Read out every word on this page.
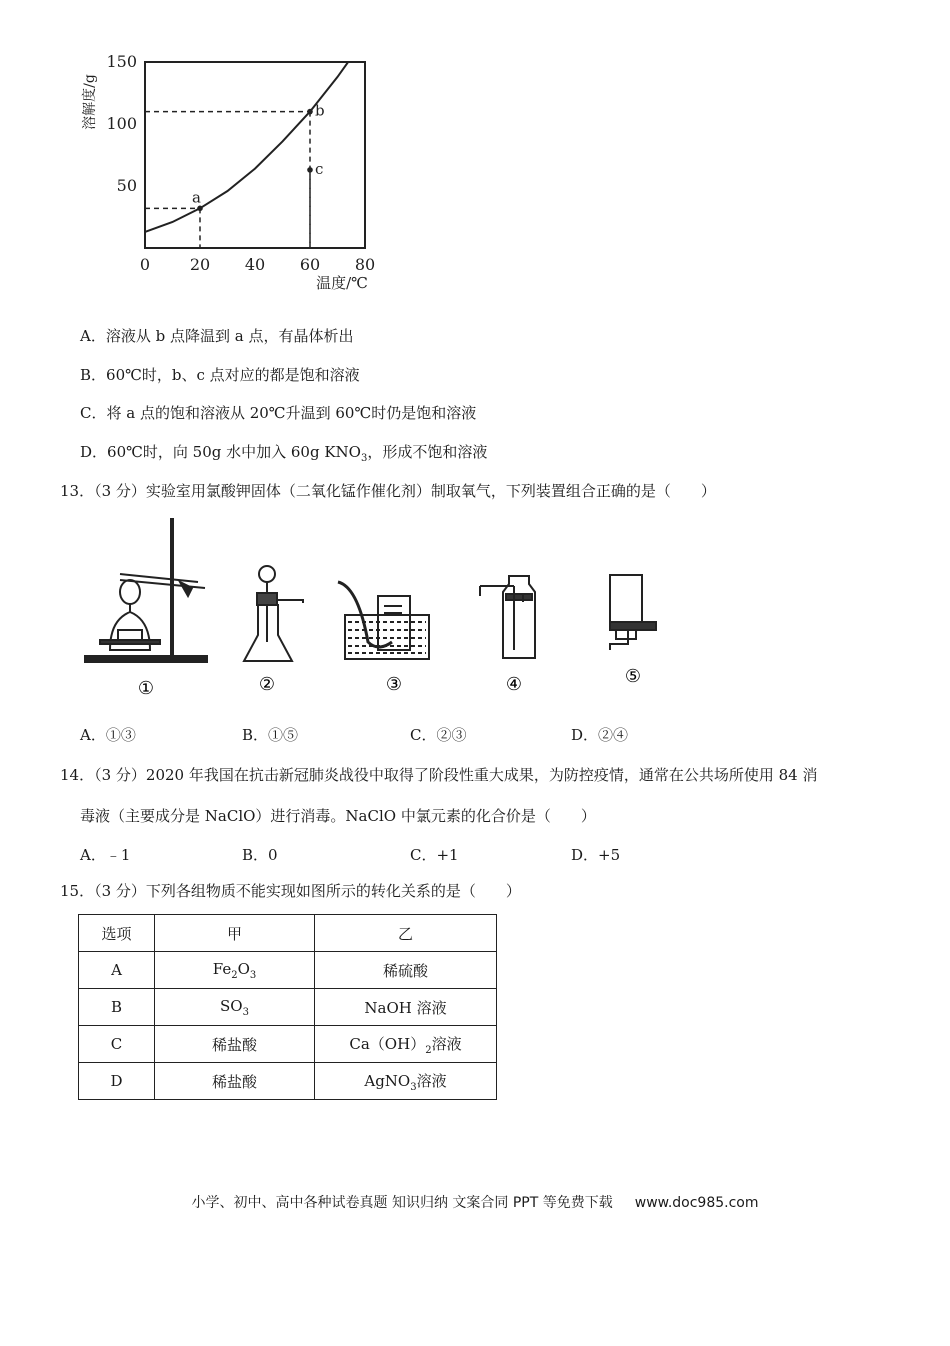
a
b
c
0 20 40 60 80
50
100
150
温度/℃
溶解度/g
A．溶液从 b 点降温到 a 点，有晶体析出
B．60℃时，b、c 点对应的都是饱和溶液
C．将 a 点的饱和溶液从 20℃升温到 60℃时仍是饱和溶液
D．60℃时，向 50g 水中加入 60g $KNO_3$，形成不饱和溶液
13．（3 分）实验室用氯酸钾固体（二氧化锰作催化剂）制取氧气，下列装置组合正确的是（　　）
①	②	③	④	⑤
A．①③	B．①⑤	C．②③	D．②④
14．（3 分）2020 年我国在抗击新冠肺炎战役中取得了阶段性重大成果，为防控疫情，通常在公共场所使用 84 消
毒液（主要成分是 NaClO）进行消毒。NaClO 中氯元素的化合价是（　　）
A．﹣1	B．0	C．+1	D．+5
15．（3 分）下列各组物质不能实现如图所示的转化关系的是（　　）
选项	甲	乙
A	$Fe_2O_3$	稀硫酸
B	$SO_3$	NaOH 溶液
C	稀盐酸	$Ca(OH)_2$溶液
D	稀盐酸	AgNO$_3$溶液
小学、初中、高中各种试卷真题 知识归纳 文案合同 PPT 等免费下载 www.doc985.com
